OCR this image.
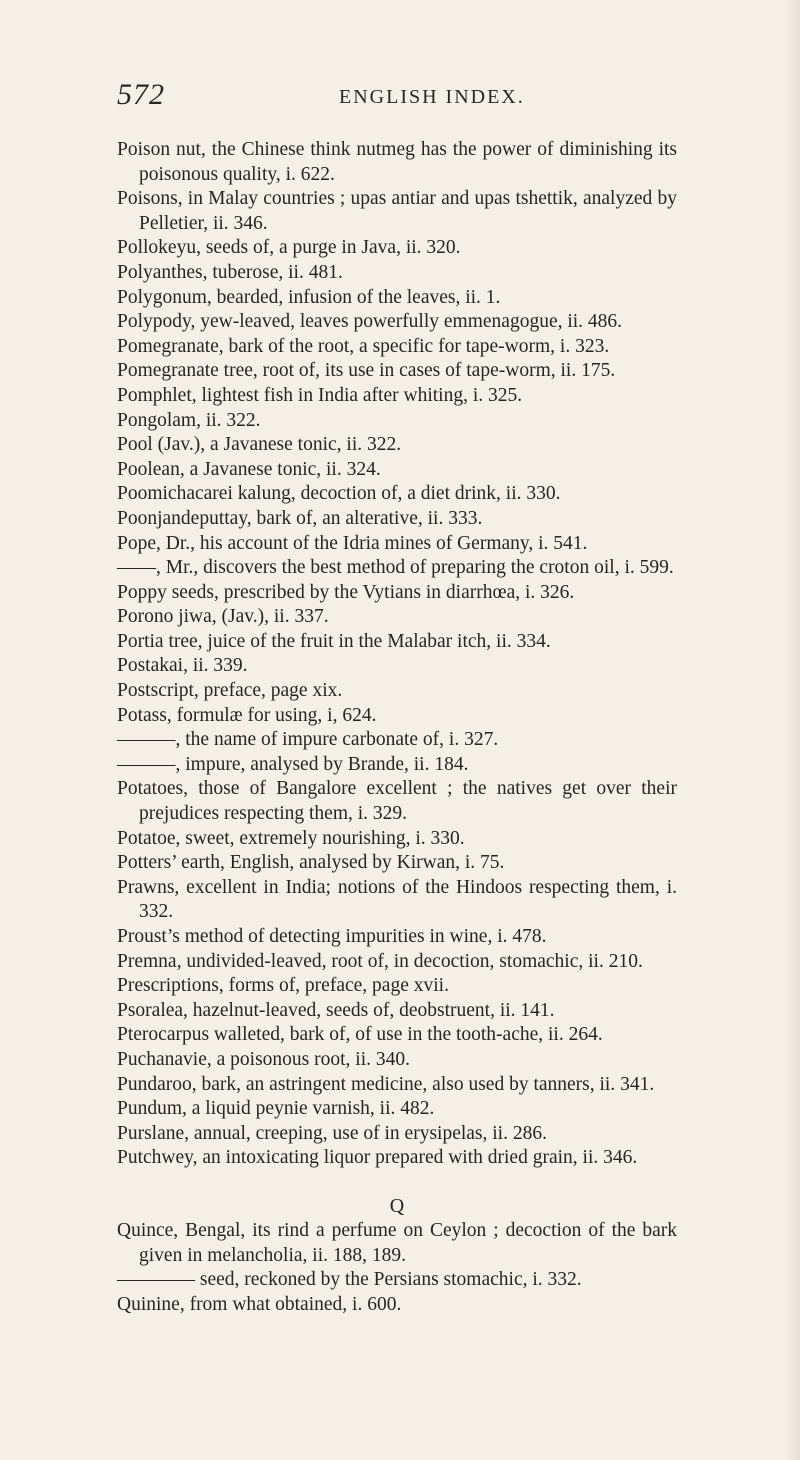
572	ENGLISH INDEX.

Poison nut, the Chinese think nutmeg has the power of diminishing its poisonous quality, i. 622.

Poisons, in Malay countries ; upas antiar and upas tshettik, analyzed by Pelletier, ii. 346.

Pollokeyu, seeds of, a purge in Java, ii. 320.

Polyanthes, tuberose, ii. 481.

Polygonum, bearded, infusion of the leaves, ii. 1.

Polypody, yew-leaved, leaves powerfully emmenagogue, ii. 486.

Pomegranate, bark of the root, a specific for tape-worm, i. 323.

Pomegranate tree, root of, its use in cases of tape-worm, ii. 175.

Pomphlet, lightest fish in India after whiting, i. 325.

Pongolam, ii. 322.

Pool (Jav.), a Javanese tonic, ii. 322.

Poolean, a Javanese tonic, ii. 324.

Poomichacarei kalung, decoction of, a diet drink, ii. 330.

Poonjandeputtay, bark of, an alterative, ii. 333.

Pope, Dr., his account of the Idria mines of Germany, i. 541.

——, Mr., discovers the best method of preparing the croton oil, i. 599.

Poppy seeds, prescribed by the Vytians in diarrhœa, i. 326.

Porono jiwa, (Jav.), ii. 337.

Portia tree, juice of the fruit in the Malabar itch, ii. 334.

Postakai, ii. 339.

Postscript, preface, page xix.

Potass, formulæ for using, i, 624.

———, the name of impure carbonate of, i. 327.

———, impure, analysed by Brande, ii. 184.

Potatoes, those of Bangalore excellent ; the natives get over their prejudices respecting them, i. 329.

Potatoe, sweet, extremely nourishing, i. 330.

Potters’ earth, English, analysed by Kirwan, i. 75.

Prawns, excellent in India; notions of the Hindoos respecting them, i. 332.

Proust’s method of detecting impurities in wine, i. 478.

Premna, undivided-leaved, root of, in decoction, stomachic, ii. 210.

Prescriptions, forms of, preface, page xvii.

Psoralea, hazelnut-leaved, seeds of, deobstruent, ii. 141.

Pterocarpus walleted, bark of, of use in the tooth-ache, ii. 264.

Puchanavie, a poisonous root, ii. 340.

Pundaroo, bark, an astringent medicine, also used by tanners, ii. 341.

Pundum, a liquid peynie varnish, ii. 482.

Purslane, annual, creeping, use of in erysipelas, ii. 286.

Putchwey, an intoxicating liquor prepared with dried grain, ii. 346.

Q

Quince, Bengal, its rind a perfume on Ceylon ; decoction of the bark given in melancholia, ii. 188, 189.

———— seed, reckoned by the Persians stomachic, i. 332.

Quinine, from what obtained, i. 600.
